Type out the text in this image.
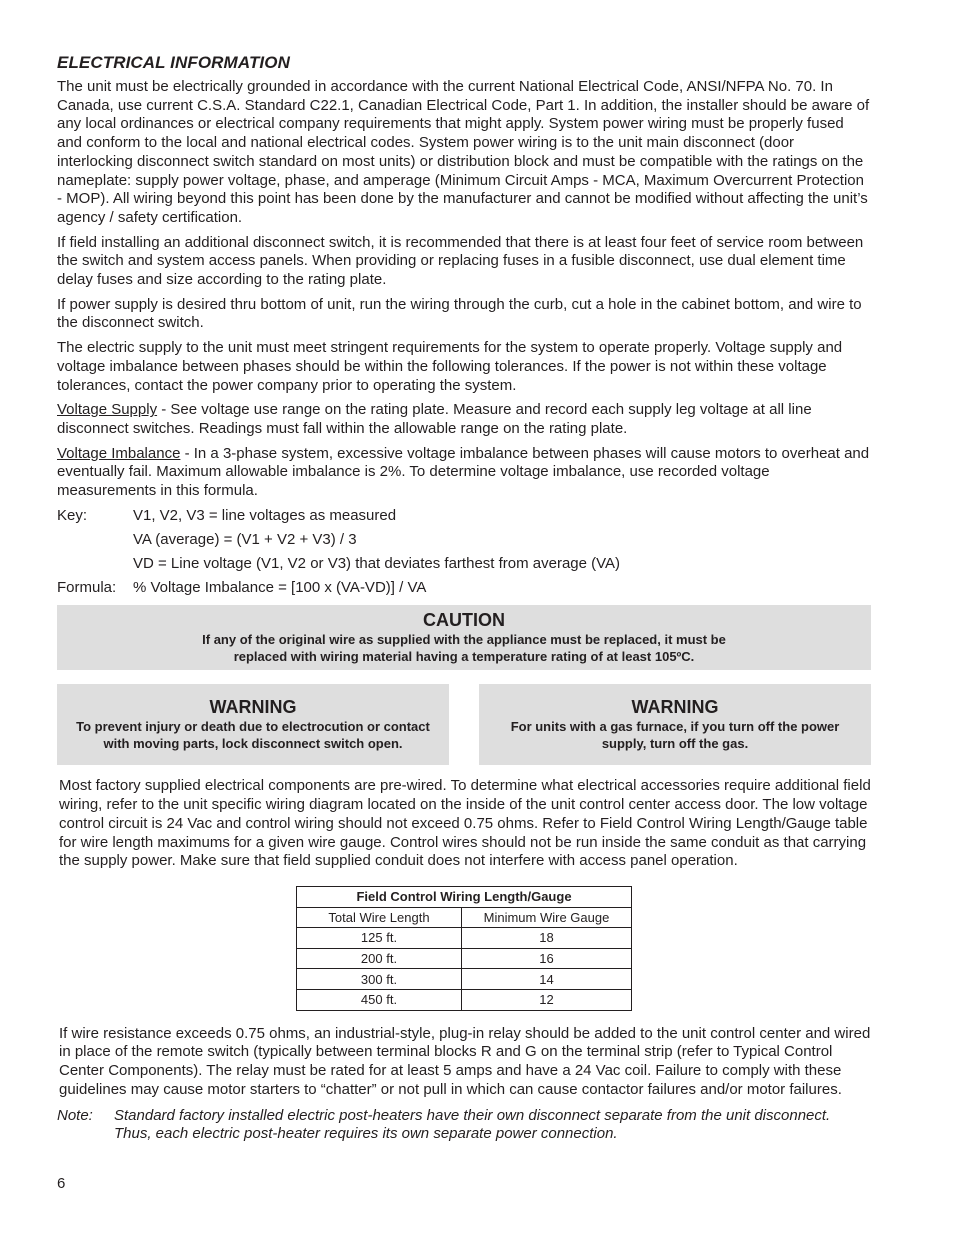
ELECTRICAL INFORMATION

The unit must be electrically grounded in accordance with the current National Electrical Code, ANSI/NFPA No. 70. In Canada, use current C.S.A. Standard C22.1, Canadian Electrical Code, Part 1. In addition, the installer should be aware of any local ordinances or electrical company requirements that might apply. System power wiring must be properly fused and conform to the local and national electrical codes. System power wiring is to the unit main disconnect (door interlocking disconnect switch standard on most units) or distribution block and must be compatible with the ratings on the nameplate: supply power voltage, phase, and amperage (Minimum Circuit Amps - MCA, Maximum Overcurrent Protection - MOP). All wiring beyond this point has been done by the manufacturer and cannot be modified without affecting the unit’s agency / safety certification.

If field installing an additional disconnect switch, it is recommended that there is at least four feet of service room between the switch and system access panels. When providing or replacing fuses in a fusible disconnect, use dual element time delay fuses and size according to the rating plate.

If power supply is desired thru bottom of unit, run the wiring through the curb, cut a hole in the cabinet bottom, and wire to the disconnect switch.

The electric supply to the unit must meet stringent requirements for the system to operate properly. Voltage supply and voltage imbalance between phases should be within the following tolerances. If the power is not within these voltage tolerances, contact the power company prior to operating the system.

Voltage Supply - See voltage use range on the rating plate. Measure and record each supply leg voltage at all line disconnect switches. Readings must fall within the allowable range on the rating plate.

Voltage Imbalance - In a 3-phase system, excessive voltage imbalance between phases will cause motors to overheat and eventually fail. Maximum allowable imbalance is 2%. To determine voltage imbalance, use recorded voltage measurements in this formula.

Key:	V1, V2, V3 = line voltages as measured
VA (average) = (V1 + V2 + V3) / 3
VD = Line voltage (V1, V2 or V3) that deviates farthest from average (VA)
Formula:	% Voltage Imbalance = [100 x (VA-VD)] / VA
CAUTION
If any of the original wire as supplied with the appliance must be replaced, it must be
replaced with wiring material having a temperature rating of at least 105ºC.
WARNING
To prevent injury or death due to electrocution or contact with moving parts, lock disconnect switch open.
WARNING
For units with a gas furnace, if you turn off the power supply, turn off the gas.

Most factory supplied electrical components are pre-wired. To determine what electrical accessories require additional field wiring, refer to the unit specific wiring diagram located on the inside of the unit control center access door. The low voltage control circuit is 24 Vac and control wiring should not exceed 0.75 ohms. Refer to Field Control Wiring Length/Gauge table for wire length maximums for a given wire gauge. Control wires should not be run inside the same conduit as that carrying the supply power. Make sure that field supplied conduit does not interfere with access panel operation.

Field Control Wiring Length/Gauge	
Total Wire Length	Minimum Wire Gauge
125 ft.	18
200 ft.	16
300 ft.	14
450 ft.	12

If wire resistance exceeds 0.75 ohms, an industrial-style, plug-in relay should be added to the unit control center and wired in place of the remote switch (typically between terminal blocks R and G on the terminal strip (refer to Typical Control Center Components). The relay must be rated for at least 5 amps and have a 24 Vac coil. Failure to comply with these guidelines may cause motor starters to “chatter” or not pull in which can cause contactor failures and/or motor failures.

Note:	Standard factory installed electric post-heaters have their own disconnect separate from the unit disconnect. Thus, each electric post-heater requires its own separate power connection.
6
